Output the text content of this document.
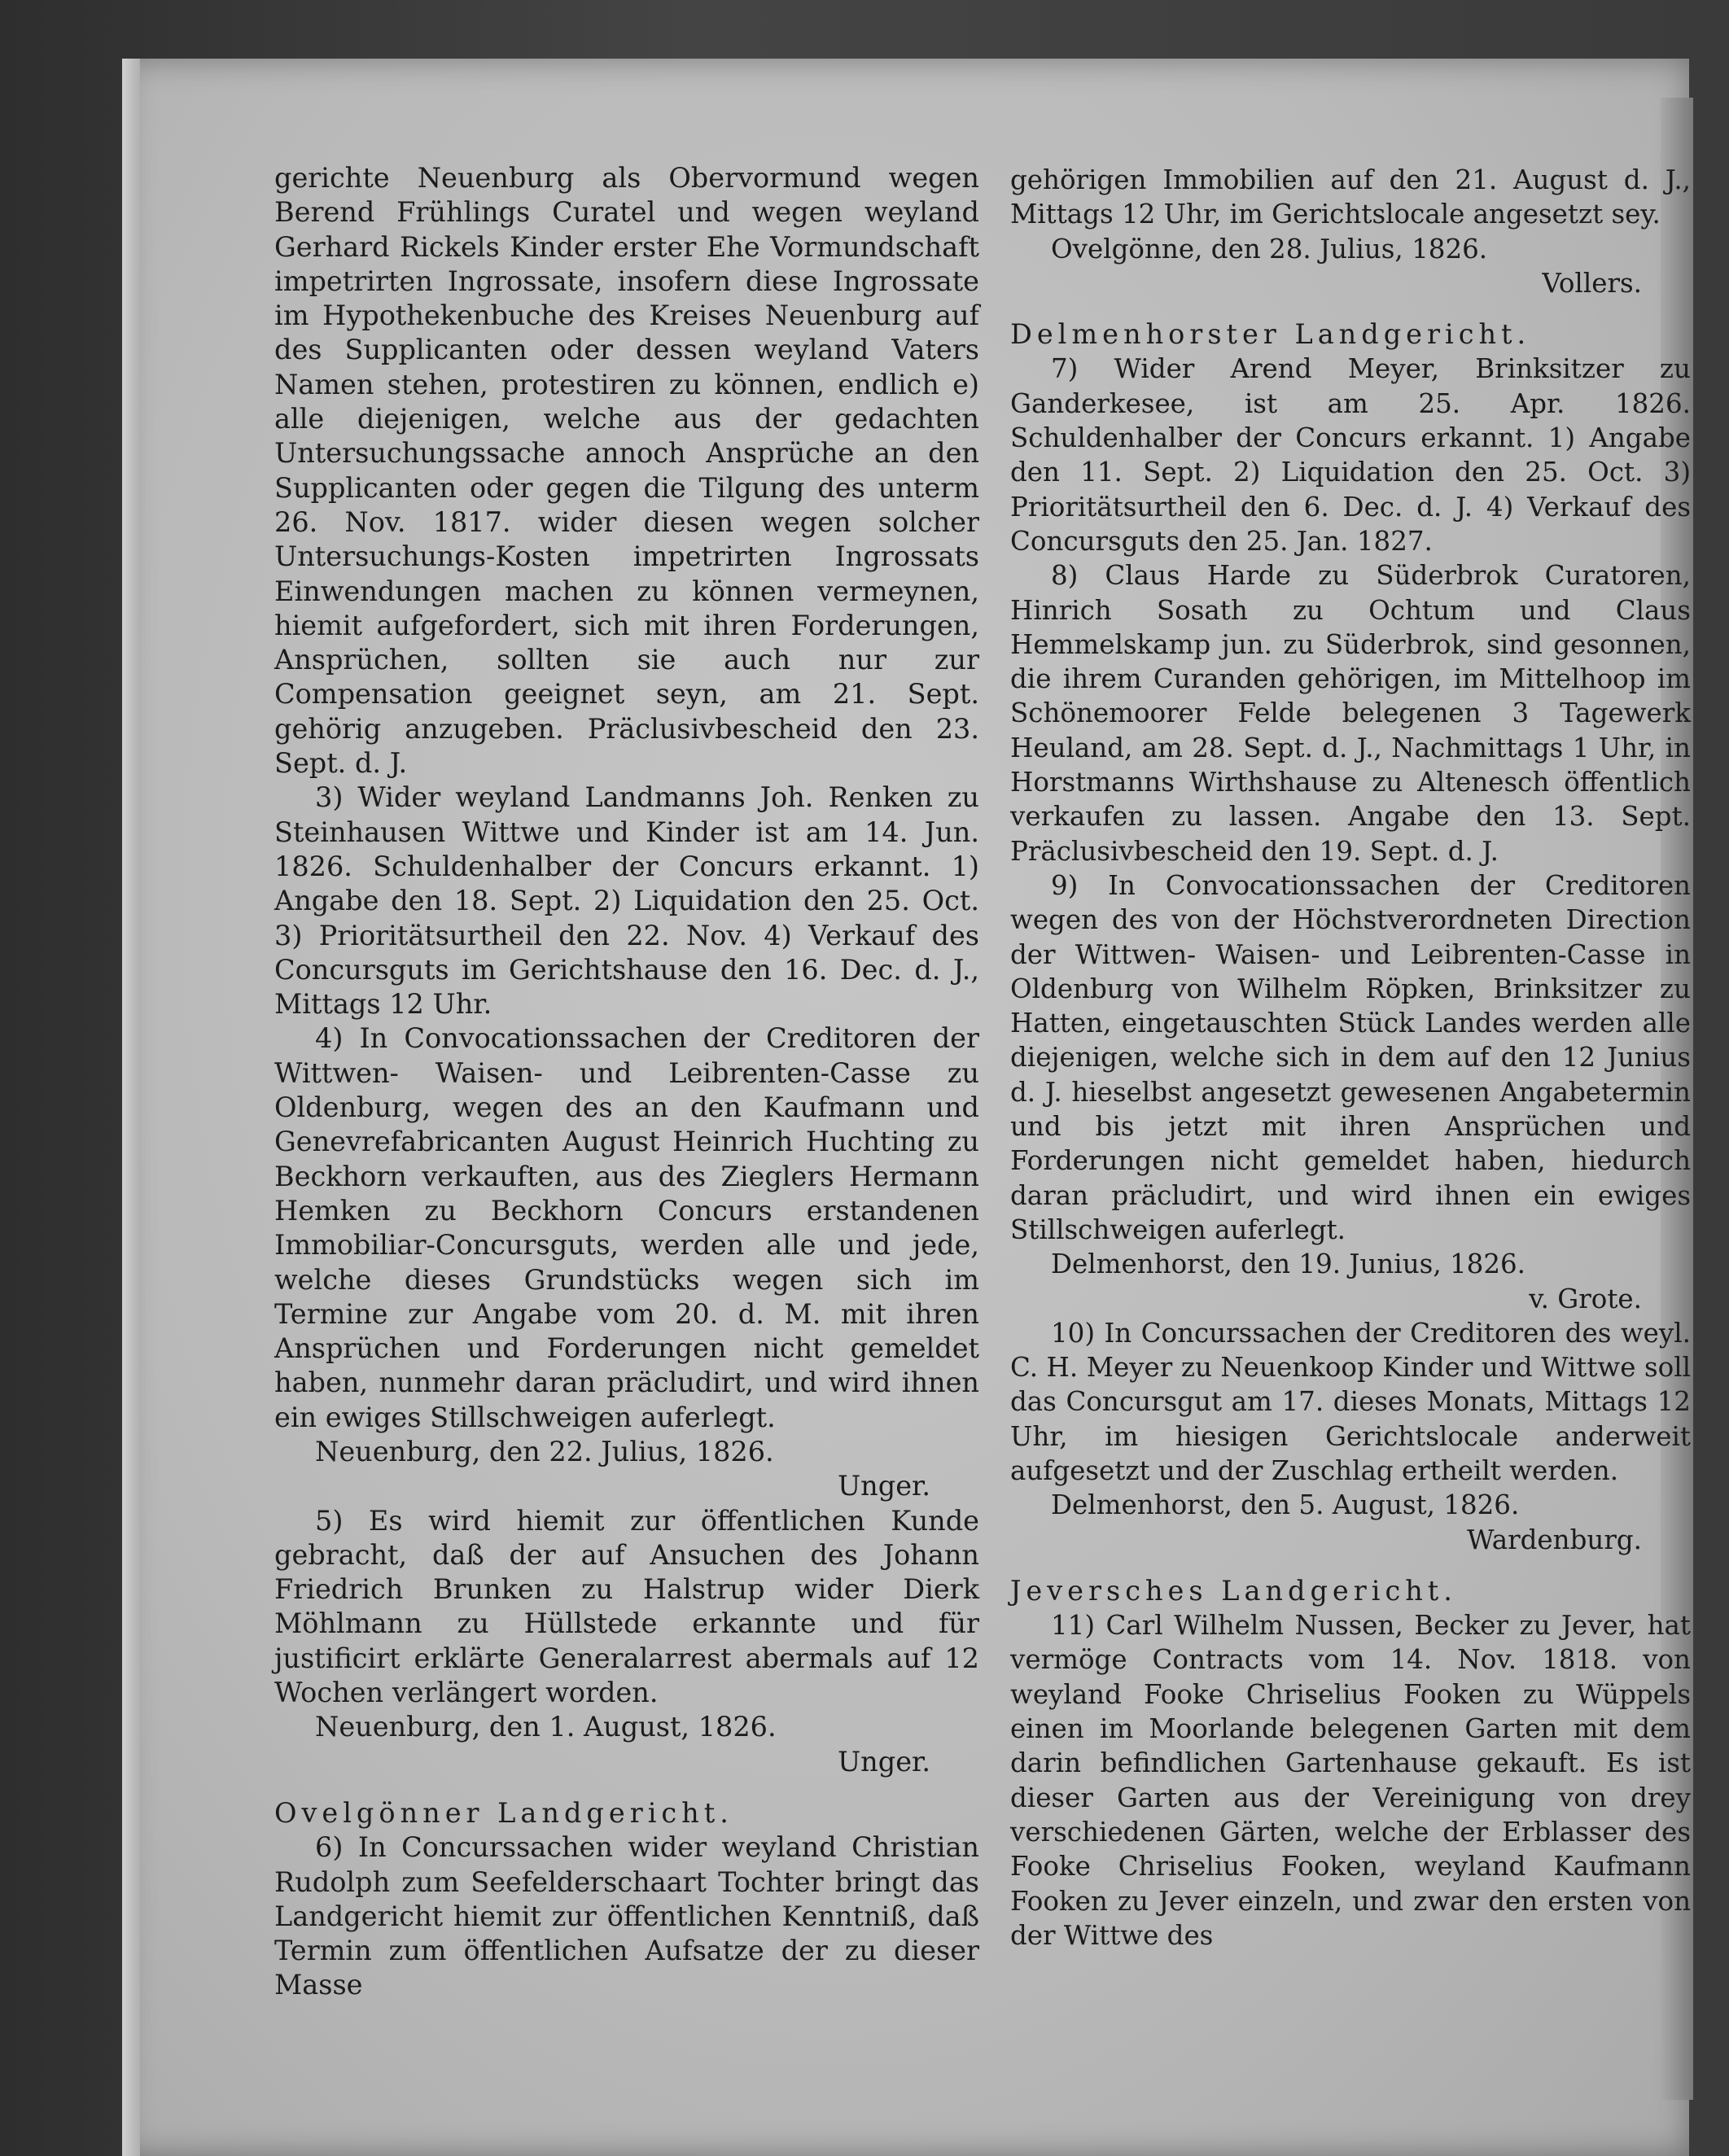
gerichte Neuenburg als Obervormund wegen Berend Frühlings Curatel und wegen weyland Gerhard Rickels Kinder erster Ehe Vormundschaft impetrirten Ingrossate, insofern diese Ingrossate im Hypothekenbuche des Kreises Neuenburg auf des Supplicanten oder dessen weyland Vaters Namen stehen, protestiren zu können, endlich e) alle diejenigen, welche aus der gedachten Untersuchungssache annoch Ansprüche an den Supplicanten oder gegen die Tilgung des unterm 26. Nov. 1817. wider diesen wegen solcher Untersuchungs-Kosten impetrirten Ingrossats Einwendungen machen zu können vermeynen, hiemit aufgefordert, sich mit ihren Forderungen, Ansprüchen, sollten sie auch nur zur Compensation geeignet seyn, am 21. Sept. gehörig anzugeben. Präclusivbescheid den 23. Sept. d. J.

3) Wider weyland Landmanns Joh. Renken zu Steinhausen Wittwe und Kinder ist am 14. Jun. 1826. Schuldenhalber der Concurs erkannt. 1) Angabe den 18. Sept. 2) Liquidation den 25. Oct. 3) Prioritätsurtheil den 22. Nov. 4) Verkauf des Concursguts im Gerichtshause den 16. Dec. d. J., Mittags 12 Uhr.

4) In Convocationssachen der Creditoren der Wittwen- Waisen- und Leibrenten-Casse zu Oldenburg, wegen des an den Kaufmann und Genevrefabricanten August Heinrich Huchting zu Beckhorn verkauften, aus des Zieglers Hermann Hemken zu Beckhorn Concurs erstandenen Immobiliar-Concursguts, werden alle und jede, welche dieses Grundstücks wegen sich im Termine zur Angabe vom 20. d. M. mit ihren Ansprüchen und Forderungen nicht gemeldet haben, nunmehr daran präcludirt, und wird ihnen ein ewiges Stillschweigen auferlegt.

Neuenburg, den 22. Julius, 1826.

Unger.

5) Es wird hiemit zur öffentlichen Kunde gebracht, daß der auf Ansuchen des Johann Friedrich Brunken zu Halstrup wider Dierk Möhlmann zu Hüllstede erkannte und für justificirt erklärte Generalarrest abermals auf 12 Wochen verlängert worden.

Neuenburg, den 1. August, 1826.

Unger.

Ovelgönner Landgericht.

6) In Concurssachen wider weyland Christian Rudolph zum Seefelderschaart Tochter bringt das Landgericht hiemit zur öffentlichen Kenntniß, daß Termin zum öffentlichen Aufsatze der zu dieser Masse

gehörigen Immobilien auf den 21. August d. J., Mittags 12 Uhr, im Gerichtslocale angesetzt sey.

Ovelgönne, den 28. Julius, 1826.

Vollers.

Delmenhorster Landgericht.

7) Wider Arend Meyer, Brinksitzer zu Ganderkesee, ist am 25. Apr. 1826. Schuldenhalber der Concurs erkannt. 1) Angabe den 11. Sept. 2) Liquidation den 25. Oct. 3) Prioritätsurtheil den 6. Dec. d. J. 4) Verkauf des Concursguts den 25. Jan. 1827.

8) Claus Harde zu Süderbrok Curatoren, Hinrich Sosath zu Ochtum und Claus Hemmelskamp jun. zu Süderbrok, sind gesonnen, die ihrem Curanden gehörigen, im Mittelhoop im Schönemoorer Felde belegenen 3 Tagewerk Heuland, am 28. Sept. d. J., Nachmittags 1 Uhr, in Horstmanns Wirthshause zu Altenesch öffentlich verkaufen zu lassen. Angabe den 13. Sept. Präclusivbescheid den 19. Sept. d. J.

9) In Convocationssachen der Creditoren wegen des von der Höchstverordneten Direction der Wittwen- Waisen- und Leibrenten-Casse in Oldenburg von Wilhelm Röpken, Brinksitzer zu Hatten, eingetauschten Stück Landes werden alle diejenigen, welche sich in dem auf den 12 Junius d. J. hieselbst angesetzt gewesenen Angabetermin und bis jetzt mit ihren Ansprüchen und Forderungen nicht gemeldet haben, hiedurch daran präcludirt, und wird ihnen ein ewiges Stillschweigen auferlegt.

Delmenhorst, den 19. Junius, 1826.

v. Grote.

10) In Concurssachen der Creditoren des weyl. C. H. Meyer zu Neuenkoop Kinder und Wittwe soll das Concursgut am 17. dieses Monats, Mittags 12 Uhr, im hiesigen Gerichtslocale anderweit aufgesetzt und der Zuschlag ertheilt werden.

Delmenhorst, den 5. August, 1826.

Wardenburg.

Jeversches Landgericht.

11) Carl Wilhelm Nussen, Becker zu Jever, hat vermöge Contracts vom 14. Nov. 1818. von weyland Fooke Chriselius Fooken zu Wüppels einen im Moorlande belegenen Garten mit dem darin befindlichen Gartenhause gekauft. Es ist dieser Garten aus der Vereinigung von drey verschiedenen Gärten, welche der Erblasser des Fooke Chriselius Fooken, weyland Kaufmann Fooken zu Jever einzeln, und zwar den ersten von der Wittwe des
